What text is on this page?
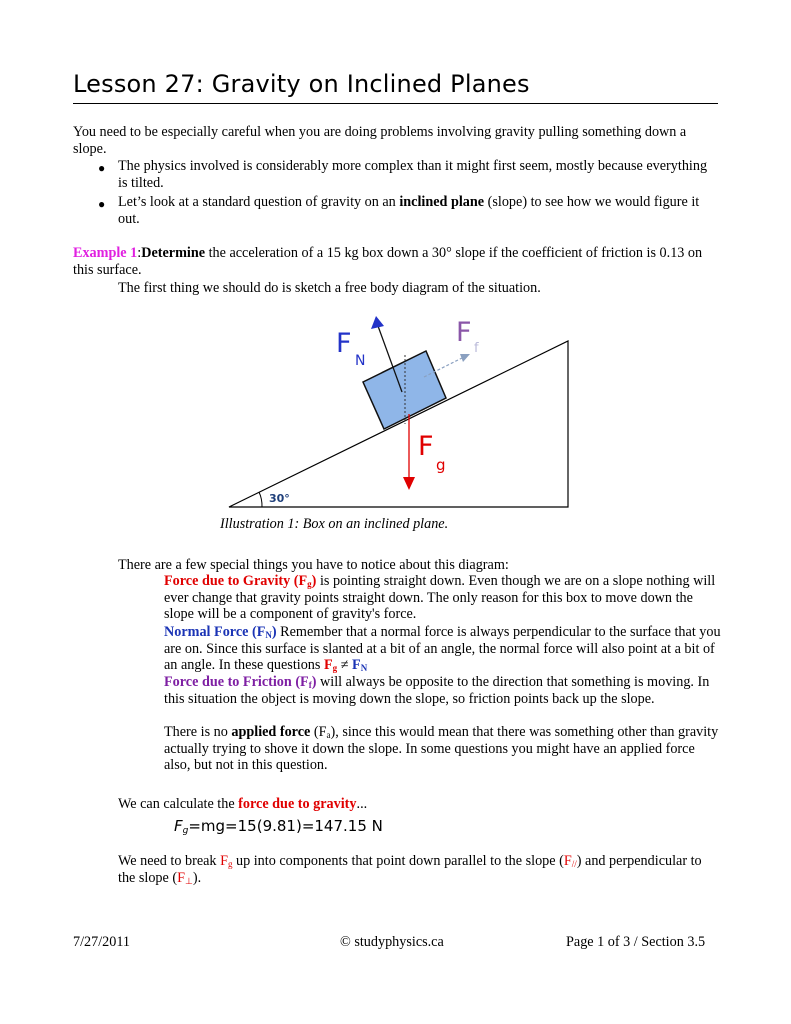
Lesson 27: Gravity on Inclined Planes
You need to be especially careful when you are doing problems involving gravity pulling something down a slope.
● The physics involved is considerably more complex than it might first seem, mostly because everything is tilted.
● Let’s look at a standard question of gravity on an inclined plane (slope) to see how we would figure it out.
Example 1:Determine the acceleration of a 15 kg box down a 30° slope if the coefficient of friction is 0.13 on this surface.
The first thing we should do is sketch a free body diagram of the situation.
30°
F
N
F
f
F
g
Illustration 1: Box on an inclined plane.
There are a few special things you have to notice about this diagram:
Force due to Gravity $(F_g)$ is pointing straight down. Even though we are on a slope nothing will ever change that gravity points straight down. The only reason for this box to move down the slope will be a component of gravity's force.
Normal Force $(F_N)$ Remember that a normal force is always perpendicular to the surface that you are on. Since this surface is slanted at a bit of an angle, the normal force will also point at a bit of an angle. In these questions $F_g \ne F_N$
Force due to Friction $(F_f)$ will always be opposite to the direction that something is moving. In this situation the object is moving down the slope, so friction points back up the slope.
There is no applied force $(F_a)$, since this would mean that there was something other than gravity actually trying to shove it down the slope. In some questions you might have an applied force also, but not in this question.
We can calculate the force due to gravity...
$F_g=mg=15(9.81)=147.15$ N
We need to break $F_g$ up into components that point down parallel to the slope $(F_{//})$ and perpendicular to the slope $(F_\perp)$.
7/27/2011	© studyphysics.ca	Page 1 of 3 / Section 3.5
